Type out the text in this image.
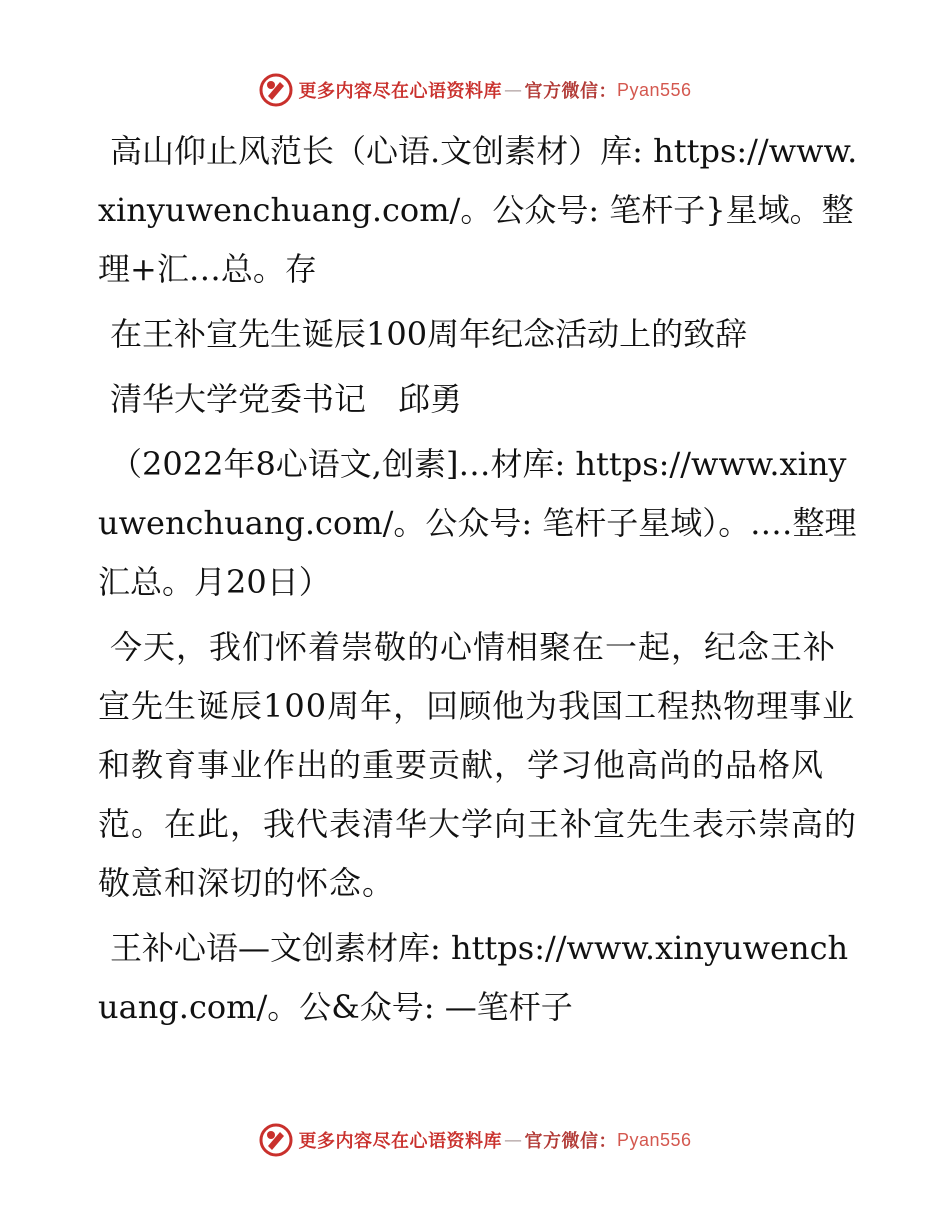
更多内容尽在心语资料库 — 官方微信： Pyan556

高山仰止风范长（心语.文创素材）库: https://www.xinyuwenchuang.com/。公众号: 笔杆子}星域。整理+汇…总。存

在王补宣先生诞辰100周年纪念活动上的致辞

清华大学党委书记　邱勇

（2022年8心语文,创素]…材库: https://www.xinyuwenchuang.com/。公众号: 笔杆子星域）。.…整理汇总。月20日）

今天，我们怀着崇敬的心情相聚在一起，纪念王补宣先生诞辰100周年，回顾他为我国工程热物理事业和教育事业作出的重要贡献，学习他高尚的品格风范。在此，我代表清华大学向王补宣先生表示崇高的敬意和深切的怀念。

王补心语—文创素材库: https://www.xinyuwenchuang.com/。公&众号: —笔杆子

更多内容尽在心语资料库 — 官方微信： Pyan556
